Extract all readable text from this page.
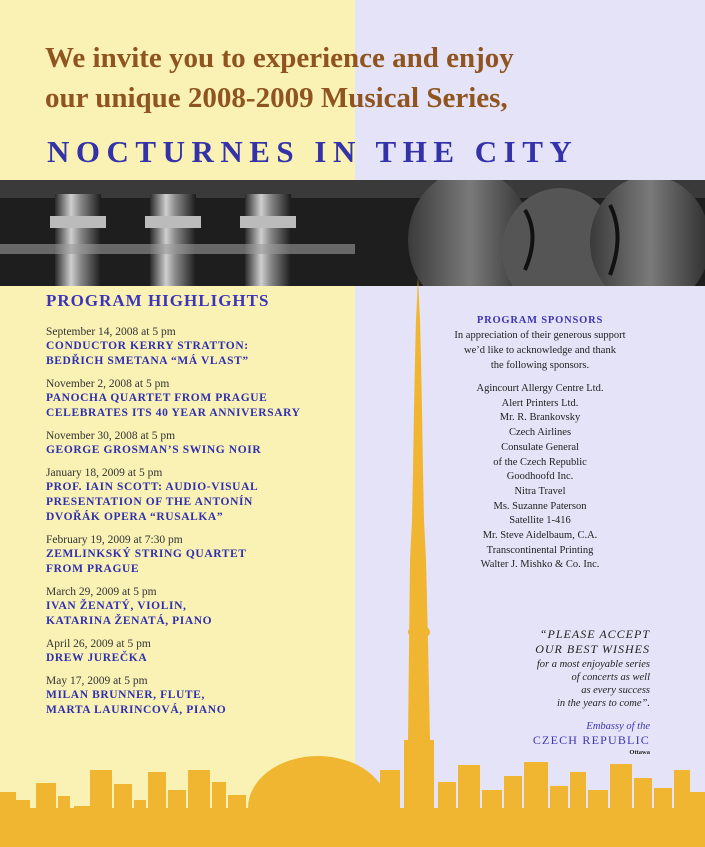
We invite you to experience and enjoy
our unique 2008-2009 Musical Series,
NOCTURNES IN THE CITY
PROGRAM HIGHLIGHTS
September 14, 2008 at 5 pm
CONDUCTOR KERRY STRATTON:
BEDŘICH SMETANA “MÁ VLAST”
November 2, 2008 at 5 pm
PANOCHA QUARTET FROM PRAGUE
CELEBRATES ITS 40 YEAR ANNIVERSARY
November 30, 2008 at 5 pm
GEORGE GROSMAN’S SWING NOIR
January 18, 2009 at 5 pm
PROF. IAIN SCOTT: AUDIO-VISUAL
PRESENTATION OF THE ANTONÍN
DVOŘÁK OPERA “RUSALKA”
February 19, 2009 at 7:30 pm
ZEMLINKSKÝ STRING QUARTET
FROM PRAGUE
March 29, 2009 at 5 pm
IVAN ŽENATÝ, VIOLIN,
KATARINA ŽENATÁ, PIANO
April 26, 2009 at 5 pm
DREW JUREČKA
May 17, 2009 at 5 pm
MILAN BRUNNER, FLUTE,
MARTA LAURINCOVÁ, PIANO
PROGRAM SPONSORS
In appreciation of their generous support
we’d like to acknowledge and thank
the following sponsors.
Agincourt Allergy Centre Ltd.
Alert Printers Ltd.
Mr. R. Brankovsky
Czech Airlines
Consulate General
of the Czech Republic
Goodhoofd Inc.
Nitra Travel
Ms. Suzanne Paterson
Satellite 1-416
Mr. Steve Aidelbaum, C.A.
Transcontinental Printing
Walter J. Mishko & Co. Inc.
“PLEASE ACCEPT
OUR BEST WISHES
for a most enjoyable series
of concerts as well
as every success
in the years to come”.
Embassy of the
CZECH REPUBLIC
Ottawa
